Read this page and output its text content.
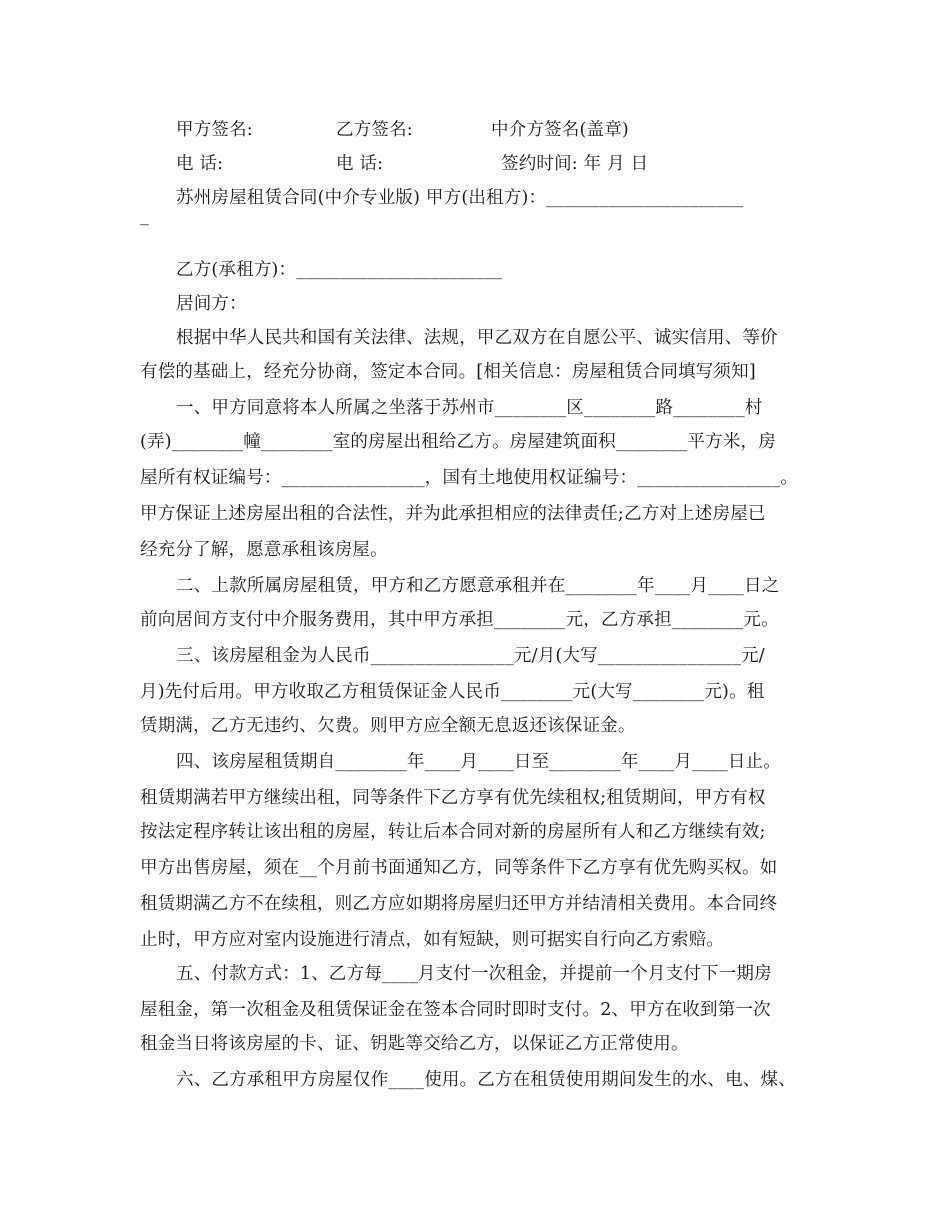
甲方签名:	乙方签名:	中介方签名(盖章)
电 话:	电 话:	签约时间: 年 月 日
苏州房屋租赁合同(中介专业版) 甲方(出租方)：______________________
_
乙方(承租方)：_______________________
居间方：
根据中华人民共和国有关法律、法规，甲乙双方在自愿公平、诚实信用、等价
有偿的基础上，经充分协商，签定本合同。[相关信息：房屋租赁合同填写须知]
一、甲方同意将本人所属之坐落于苏州市________区________路________村
(弄)________幢________室的房屋出租给乙方。房屋建筑面积________平方米，房
屋所有权证编号：________________，国有土地使用权证编号：________________。
甲方保证上述房屋出租的合法性，并为此承担相应的法律责任;乙方对上述房屋已
经充分了解，愿意承租该房屋。
二、上款所属房屋租赁，甲方和乙方愿意承租并在________年____月____日之
前向居间方支付中介服务费用，其中甲方承担________元，乙方承担________元。
三、该房屋租金为人民币________________元/月(大写________________元/
月)先付后用。甲方收取乙方租赁保证金人民币________元(大写________元)。租
赁期满，乙方无违约、欠费。则甲方应全额无息返还该保证金。
四、该房屋租赁期自________年____月____日至________年____月____日止。
租赁期满若甲方继续出租，同等条件下乙方享有优先续租权;租赁期间，甲方有权
按法定程序转让该出租的房屋，转让后本合同对新的房屋所有人和乙方继续有效;
甲方出售房屋，须在__个月前书面通知乙方，同等条件下乙方享有优先购买权。如
租赁期满乙方不在续租，则乙方应如期将房屋归还甲方并结清相关费用。本合同终
止时，甲方应对室内设施进行清点，如有短缺，则可据实自行向乙方索赔。
五、付款方式：1、乙方每____月支付一次租金，并提前一个月支付下一期房
屋租金，第一次租金及租赁保证金在签本合同时即时支付。2、甲方在收到第一次
租金当日将该房屋的卡、证、钥匙等交给乙方，以保证乙方正常使用。
六、乙方承租甲方房屋仅作____使用。乙方在租赁使用期间发生的水、电、煤、
